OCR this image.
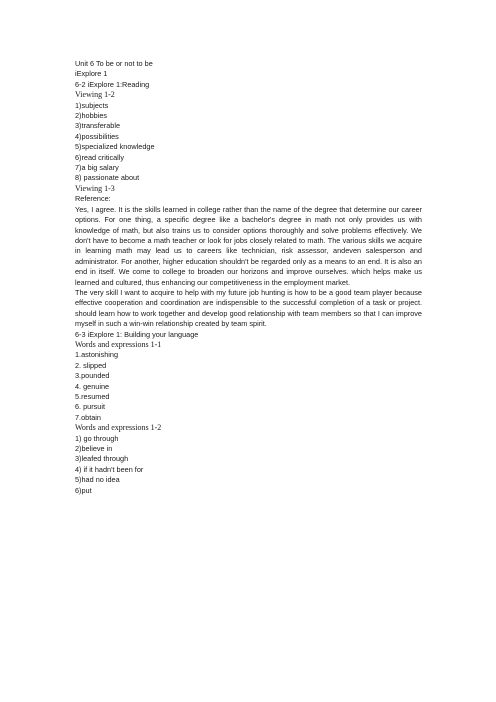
Unit 6 To be or not to be
iExplore 1
6-2 iExplore 1:Reading
Viewing 1-2
1)subjects
2)hobbies
3)transferable
4)possibilities
5)specialized knowledge
6)read critically
7)a big salary
8) passionate about
Viewing 1-3
Reference:
Yes, I agree. It is the skills learned in college rather than the name of the degree that determine our career options. For one thing, a specific degree like a bachelor's degree in math not only provides us with knowledge of math, but also trains us to consider options thoroughly and solve problems effectively. We don't have to become a math teacher or look for jobs closely related to math. The various skills we acquire in learning math may lead us to careers like technician, risk assessor, andeven salesperson and administrator. For another, higher education shouldn't be regarded only as a means to an end. It is also an end in itself. We come to college to broaden our horizons and improve ourselves. which helps make us learned and cultured, thus enhancing our competitiveness in the employment market.
The very skill I want to acquire to help with my future job hunting is how to be a good team player because effective cooperation and coordination are indispensible to the successful completion of a task or project. should learn how to work together and develop good relationship with team members so that I can improve myself in such a win-win relationship created by team spirit.
6-3 iExplore 1: Building your language
Words and expressions 1-1
1.astonishing
2. slipped
3.pounded
4. genuine
5.resumed
6. pursuit
7.obtain
Words and expressions 1-2
1) go through
2)believe in
3)leafed through
4) if it hadn't been for
5)had no idea
6)put
